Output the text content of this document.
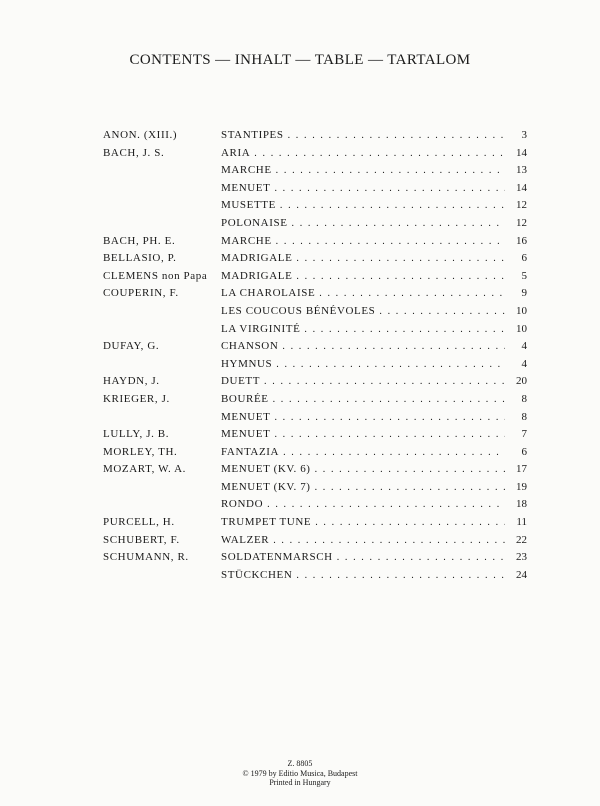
CONTENTS — INHALT — TABLE — TARTALOM
ANON. (XIII.)	STANTIPES . . .	3
BACH, J. S.	ARIA . . .	14
MARCHE . . .	13
MENUET . . .	14
MUSETTE . . .	12
POLONAISE . . .	12
BACH, PH. E.	MARCHE . . .	16
BELLASIO, P.	MADRIGALE . . .	6
CLEMENS non Papa	MADRIGALE . . .	5
COUPERIN, F.	LA CHAROLAISE . . .	9
LES COUCOUS BÉNÉVOLES . . .	10
LA VIRGINITÉ . . .	10
DUFAY, G.	CHANSON . . .	4
HYMNUS . . .	4
HAYDN, J.	DUETT . . .	20
KRIEGER, J.	BOURÉE . . .	8
MENUET . . .	8
LULLY, J. B.	MENUET . . .	7
MORLEY, TH.	FANTAZIA . . .	6
MOZART, W. A.	MENUET (KV. 6) . . .	17
MENUET (KV. 7) . . .	19
RONDO . . .	18
PURCELL, H.	TRUMPET TUNE . . .	11
SCHUBERT, F.	WALZER . . .	22
SCHUMANN, R.	SOLDATENMARSCH . . .	23
STÜCKCHEN . . .	24
Z. 8805
© 1979 by Editio Musica, Budapest
Printed in Hungary
